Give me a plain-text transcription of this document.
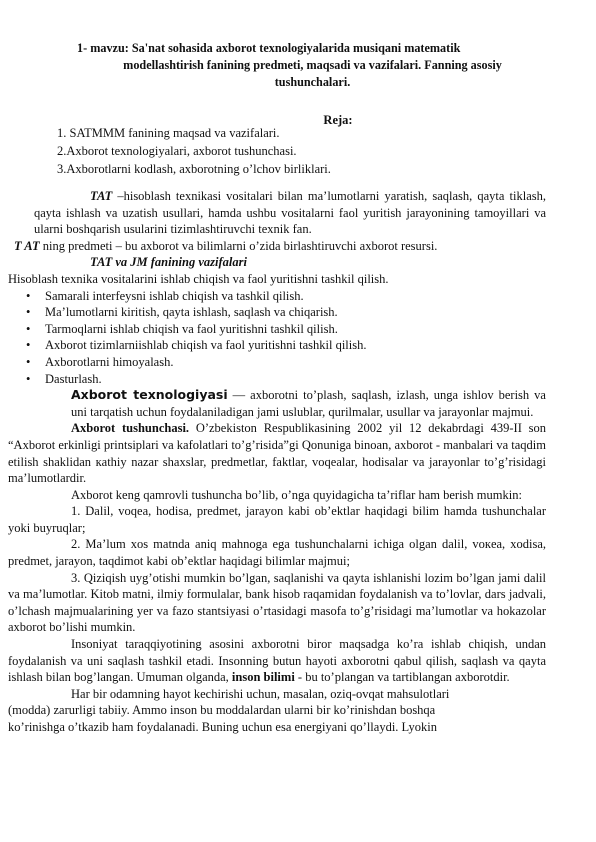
1- mavzu: Sa'nat sohasida axborot texnologiyalarida musiqani matematik
modellashtirish fanining predmeti, maqsadi va vazifalari. Fanning asosiy
tushunchalari.
Reja:
1. SATMMM fanining maqsad va vazifalari.
2.Axborot texnologiyalari, axborot tushunchasi.
3.Axborotlarni kodlash, axborotning o’lchov birliklari.

TAT –hisoblash texnikasi vositalari bilan ma’lumotlarni yaratish, saqlash, qayta tiklash, qayta ishlash va uzatish usullari, hamda ushbu vositalarni faol yuritish jarayonining tamoyillari va ularni boshqarish usularini tizimlashtiruvchi texnik fan.

T AT ning predmeti – bu axborot va bilimlarni o’zida birlashtiruvchi axborot resursi.

TAT va JM fanining vazifalari

Hisoblash texnika vositalarini ishlab chiqish va faol yuritishni tashkil qilish.

• Samarali interfeysni ishlab chiqish va tashkil qilish.
• Ma’lumotlarni kiritish, qayta ishlash, saqlash va chiqarish.
• Tarmoqlarni ishlab chiqish va faol yuritishni tashkil qilish.
• Axborot tizimlarniishlab chiqish va faol yuritishni tashkil qilish.
• Axborotlarni himoyalash.
• Dasturlash.

Axborot texnologiyasi — axborotni to’plash, saqlash, izlash, unga ishlov berish va uni tarqatish uchun foydalaniladigan jami uslublar, qurilmalar, usullar va jarayonlar majmui.

Axborot tushunchasi. O’zbekiston Respublikasining 2002 yil 12 dekabrdagi 439-II son “Axborot erkinligi printsiplari va kafolatlari to’g’risida”gi Qonuniga binoan, axborot - manbalari va taqdim etilish shaklidan кathiy nazar shaxslar, predmetlar, faktlar, voqealar, hodisalar va jarayonlar to’g’risidagi ma’lumotlardir.

Axborot keng qamrovli tushuncha bo’lib, o’nga quyidagicha ta’riflar ham berish mumkin:

1. Dalil, voqea, hodisa, predmet, jarayon kabi ob’ektlar haqidagi bilim hamda tushunchalar yoki buyruqlar;

2. Ma’lum xos matnda aniq mahnoga ega tushunchalarni ichiga olgan dalil, voкea, xodisa, predmet, jarayon, taqdimot kabi ob’ektlar haqidagi bilimlar majmui;

3. Qiziqish uyg’otishi mumkin bo’lgan, saqlanishi va qayta ishlanishi lozim bo’lgan jami dalil va ma’lumotlar. Kitob matni, ilmiy formulalar, bank hisob raqamidan foydalanish va to’lovlar, dars jadvali, o’lchash majmualarining yer va fazo stantsiyasi o’rtasidagi masofa to’g’risidagi ma’lumotlar va hokazolar axborot bo’lishi mumkin.

Insoniyat taraqqiyotining asosini axborotni biror maqsadga ko’ra ishlab chiqish, undan foydalanish va uni saqlash tashkil etadi. Insonning butun hayoti axborotni qabul qilish, saqlash va qayta ishlash bilan bog’langan. Umuman olganda, inson bilimi - bu to’plangan va tartiblangan axborotdir.

Har bir odamning hayot kechirishi uchun, masalan, oziq-ovqat mahsulotlari
(modda) zarurligi tabiiy. Ammo inson bu moddalardan ularni bir ko’rinishdan boshqa
ko’rinishga o’tkazib ham foydalanadi. Buning uchun esa energiyani qo’llaydi. Lyokin
